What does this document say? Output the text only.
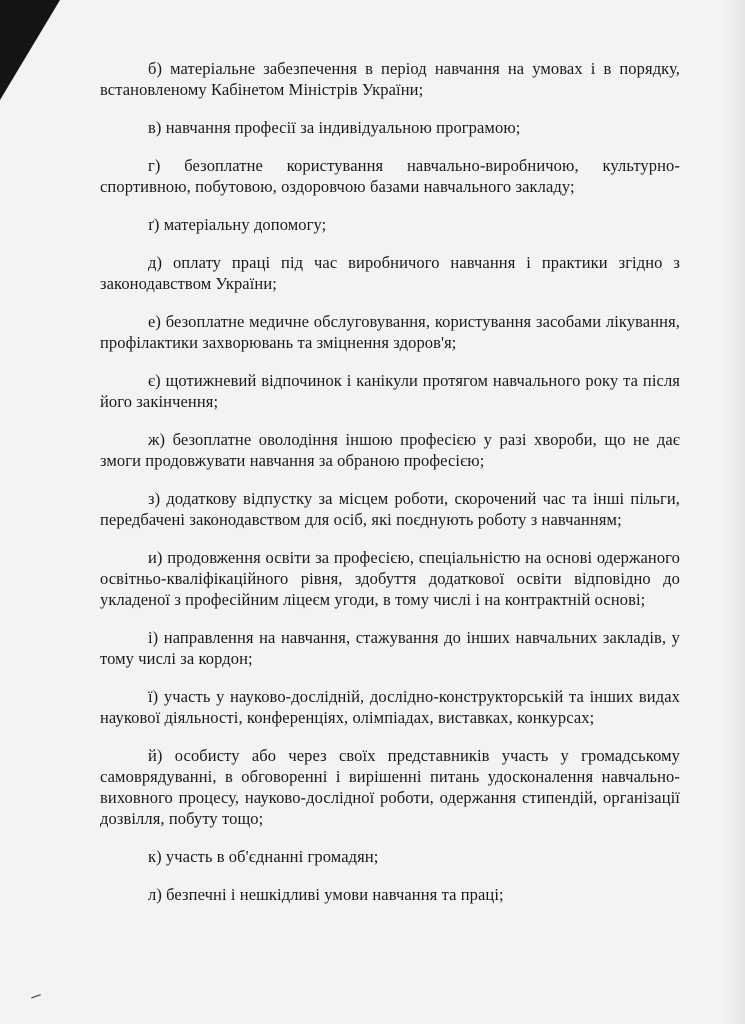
б) матеріальне забезпечення в період навчання на умовах і в порядку, встановленому Кабінетом Міністрів України;

в) навчання професії за індивідуальною програмою;

г) безоплатне користування навчально-виробничою, культурно-спортивною, побутовою, оздоровчою базами навчального закладу;

ґ) матеріальну допомогу;

д) оплату праці під час виробничого навчання і практики згідно з законодавством України;

е) безоплатне медичне обслуговування, користування засобами лікування, профілактики захворювань та зміцнення здоров'я;

є) щотижневий відпочинок і канікули протягом навчального року та після його закінчення;

ж) безоплатне оволодіння іншою професією у разі хвороби, що не дає змоги продовжувати навчання за обраною професією;

з) додаткову відпустку за місцем роботи, скорочений час та інші пільги, передбачені законодавством для осіб, які поєднують роботу з навчанням;

и) продовження освіти за професією, спеціальністю на основі одержаного освітньо-кваліфікаційного рівня, здобуття додаткової освіти відповідно до укладеної з професійним ліцеєм угоди, в тому числі і на контрактній основі;

і) направлення на навчання, стажування до інших навчальних закладів, у тому числі за кордон;

ї) участь у науково-дослідній, дослідно-конструкторській та інших видах наукової діяльності, конференціях, олімпіадах, виставках, конкурсах;

й) особисту або через своїх представників участь у громадському самоврядуванні, в обговоренні і вирішенні питань удосконалення навчально-виховного процесу, науково-дослідної роботи, одержання стипендій, організації дозвілля, побуту тощо;

к) участь в об'єднанні громадян;

л) безпечні і нешкідливі умови навчання та праці;
